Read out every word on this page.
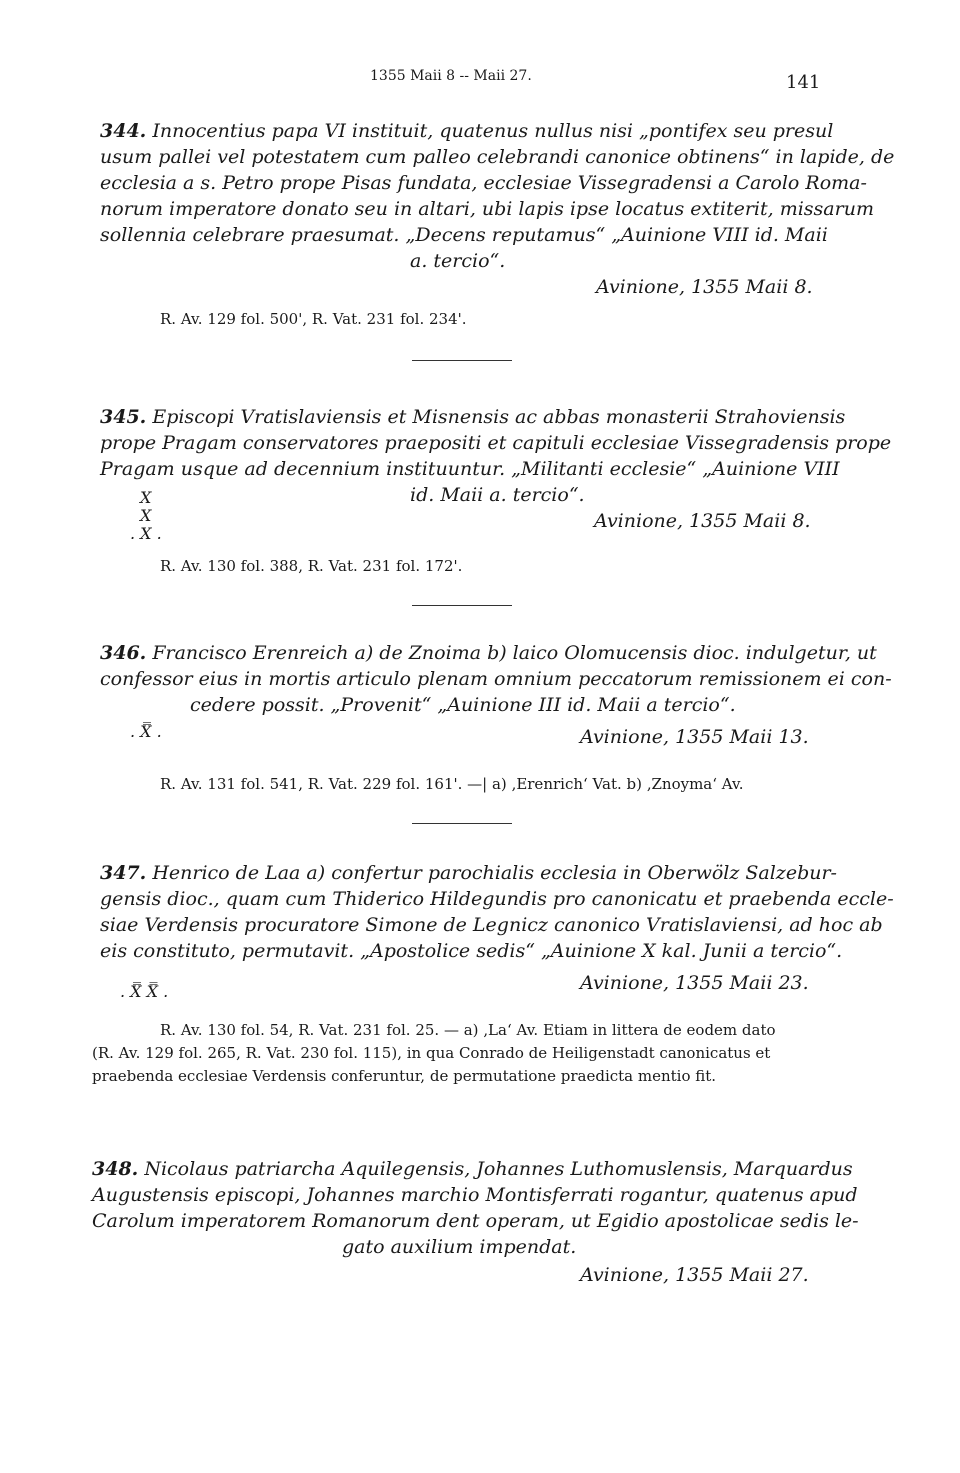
1355 Maii 8 -- Maii 27.	141
344. Innocentius papa VI instituit, quatenus nullus nisi „pontifex seu presul
usum pallei vel potestatem cum palleo celebrandi canonice obtinens“ in lapide, de
ecclesia a s. Petro prope Pisas fundata, ecclesiae Vissegradensi a Carolo Roma-
norum imperatore donato seu in altari, ubi lapis ipse locatus extiterit, missarum
sollennia celebrare praesumat. „Decens reputamus“ „Auinione VIII id. Maii
a. tercio“.
Avinione, 1355 Maii 8.
R. Av. 129 fol. 500', R. Vat. 231 fol. 234'.
345. Episcopi Vratislaviensis et Misnensis ac abbas monasterii Strahoviensis
prope Pragam conservatores praepositi et capituli ecclesiae Vissegradensis prope
Pragam usque ad decennium instituuntur. „Militanti ecclesie“ „Auinione VIII
id. Maii a. tercio“.
X
X
. X .
Avinione, 1355 Maii 8.
R. Av. 130 fol. 388, R. Vat. 231 fol. 172'.
346. Francisco Erenreich a) de Znoima b) laico Olomucensis dioc. indulgetur, ut
confessor eius in mortis articulo plenam omnium peccatorum remissionem ei con-
cedere possit. „Provenit“ „Auinione III id. Maii a tercio“.
. X̿ .	Avinione, 1355 Maii 13.
R. Av. 131 fol. 541, R. Vat. 229 fol. 161'. —| a) ‚Erenrich‘ Vat. b) ‚Znoyma‘ Av.
347. Henrico de Laa a) confertur parochialis ecclesia in Oberwölz Salzebur-
gensis dioc., quam cum Thiderico Hildegundis pro canonicatu et praebenda eccle-
siae Verdensis procuratore Simone de Legnicz canonico Vratislaviensi, ad hoc ab
eis constituto, permutavit. „Apostolice sedis“ „Auinione X kal. Junii a tercio“.
. X̿ X̿ .	Avinione, 1355 Maii 23.
R. Av. 130 fol. 54, R. Vat. 231 fol. 25. — a) ‚La‘ Av. Etiam in littera de eodem dato
(R. Av. 129 fol. 265, R. Vat. 230 fol. 115), in qua Conrado de Heiligenstadt canonicatus et
praebenda ecclesiae Verdensis conferuntur, de permutatione praedicta mentio fit.
348. Nicolaus patriarcha Aquilegensis, Johannes Luthomuslensis, Marquardus
Augustensis episcopi, Johannes marchio Montisferrati rogantur, quatenus apud
Carolum imperatorem Romanorum dent operam, ut Egidio apostolicae sedis le-
gato auxilium impendat.
Avinione, 1355 Maii 27.
